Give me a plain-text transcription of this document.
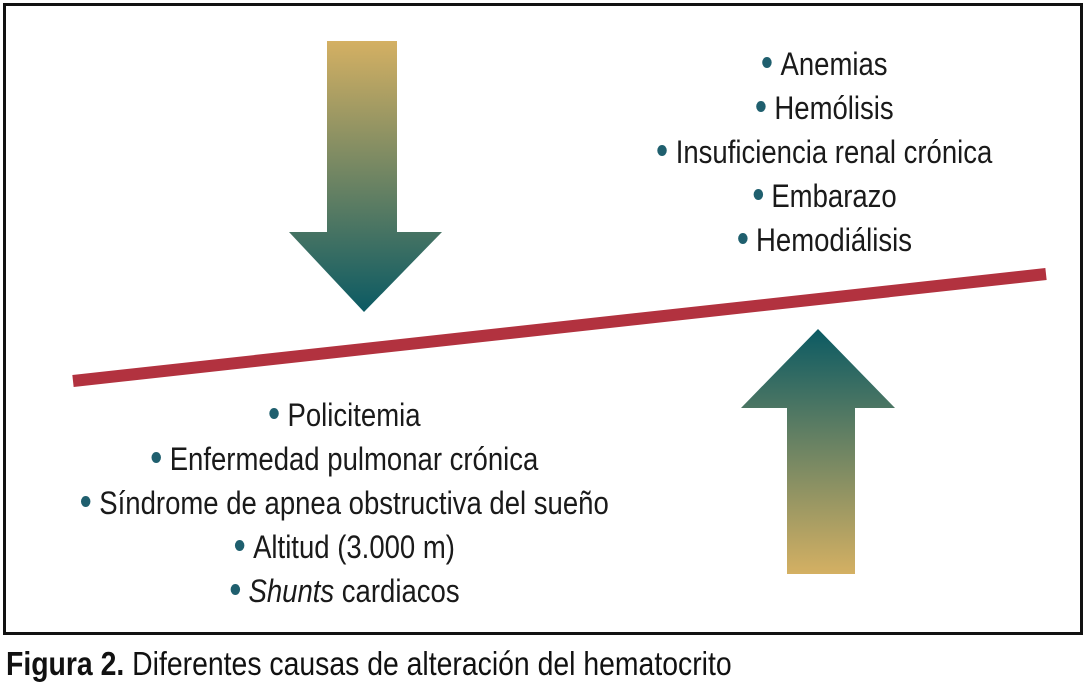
Anemias
Hemólisis
Insuficiencia renal crónica
Embarazo
Hemodiálisis
Policitemia
Enfermedad pulmonar crónica
Síndrome de apnea obstructiva del sueño
Altitud (3.000 m)
Shunts cardiacos
Figura 2. Diferentes causas de alteración del hematocrito
